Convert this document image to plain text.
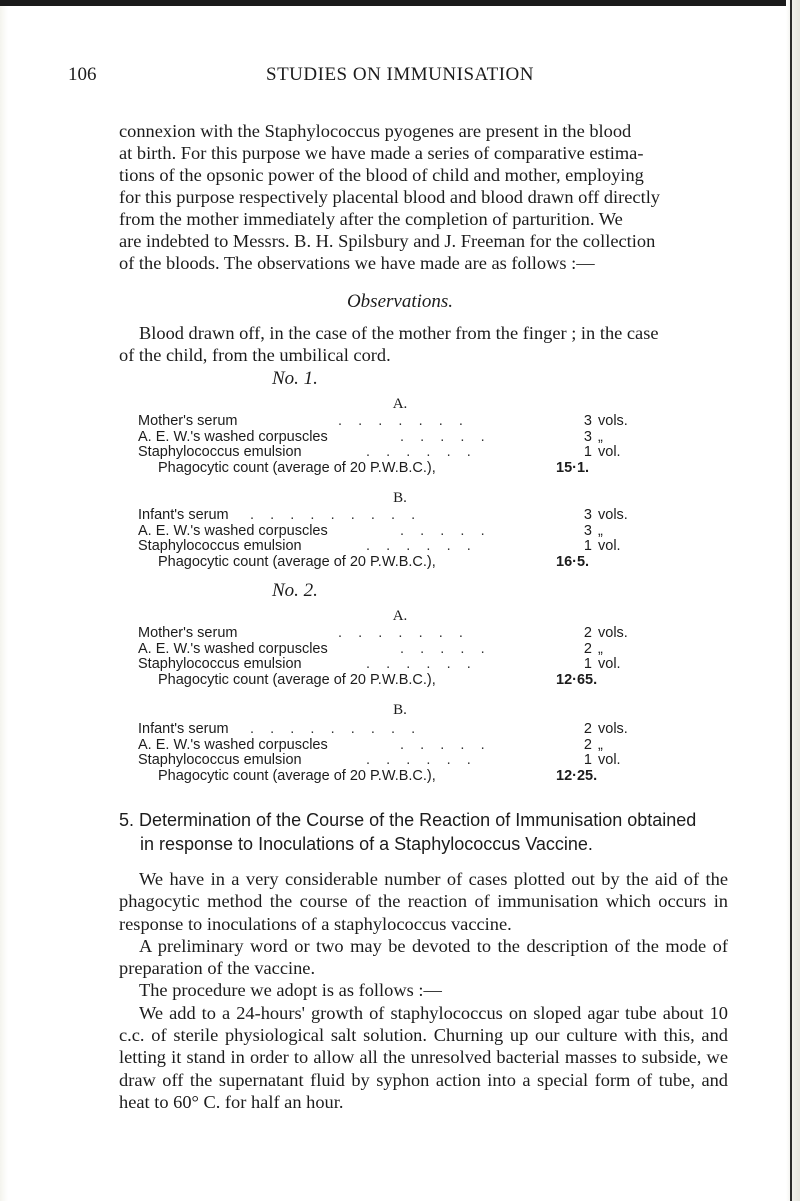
106	STUDIES ON IMMUNISATION

connexion with the Staphylococcus pyogenes are present in the blood

at birth. For this purpose we have made a series of comparative estima-

tions of the opsonic power of the blood of child and mother, employing

for this purpose respectively placental blood and blood drawn off directly

from the mother immediately after the completion of parturition. We

are indebted to Messrs. B. H. Spilsbury and J. Freeman for the collection

of the bloods. The observations we have made are as follows :—

Observations.

Blood drawn off, in the case of the mother from the finger ; in the case

of the child, from the umbilical cord.

No. 1.
A.
Mother's serum	.    .    .    .    .    .    .	3 vols.
A. E. W.'s washed corpuscles	.    .    .    .    .	3 „
Staphylococcus emulsion	.    .    .    .    .    .	1 vol.
Phagocytic count (average of 20 P.W.B.C.),	15·1.
B.
Infant's serum .    .    .    .    .    .    .    .    .	3 vols.
A. E. W.'s washed corpuscles	.    .    .    .    .	3 „
Staphylococcus emulsion	.    .    .    .    .    .	1 vol.
Phagocytic count (average of 20 P.W.B.C.),	16·5.
No. 2.
A.
Mother's serum	.    .    .    .    .    .    .	2 vols.
A. E. W.'s washed corpuscles	.    .    .    .    .	2 „
Staphylococcus emulsion	.    .    .    .    .    .	1 vol.
Phagocytic count (average of 20 P.W.B.C.),	12·65.
B.
Infant's serum .    .    .    .    .    .    .    .    .	2 vols.
A. E. W.'s washed corpuscles	.    .    .    .    .	2 „
Staphylococcus emulsion	.    .    .    .    .    .	1 vol.
Phagocytic count (average of 20 P.W.B.C.),	12·25.
5. Determination of the Course of the Reaction of Immunisation obtained
in response to Inoculations of a Staphylococcus Vaccine.

We have in a very considerable number of cases plotted out by the aid of the phagocytic method the course of the reaction of immunisation which occurs in response to inoculations of a staphylococcus vaccine.

A preliminary word or two may be devoted to the description of the mode of preparation of the vaccine.

The procedure we adopt is as follows :—

We add to a 24-hours' growth of staphylococcus on sloped agar tube about 10 c.c. of sterile physiological salt solution. Churning up our culture with this, and letting it stand in order to allow all the unresolved bacterial masses to subside, we draw off the supernatant fluid by syphon action into a special form of tube, and heat to 60° C. for half an hour.
